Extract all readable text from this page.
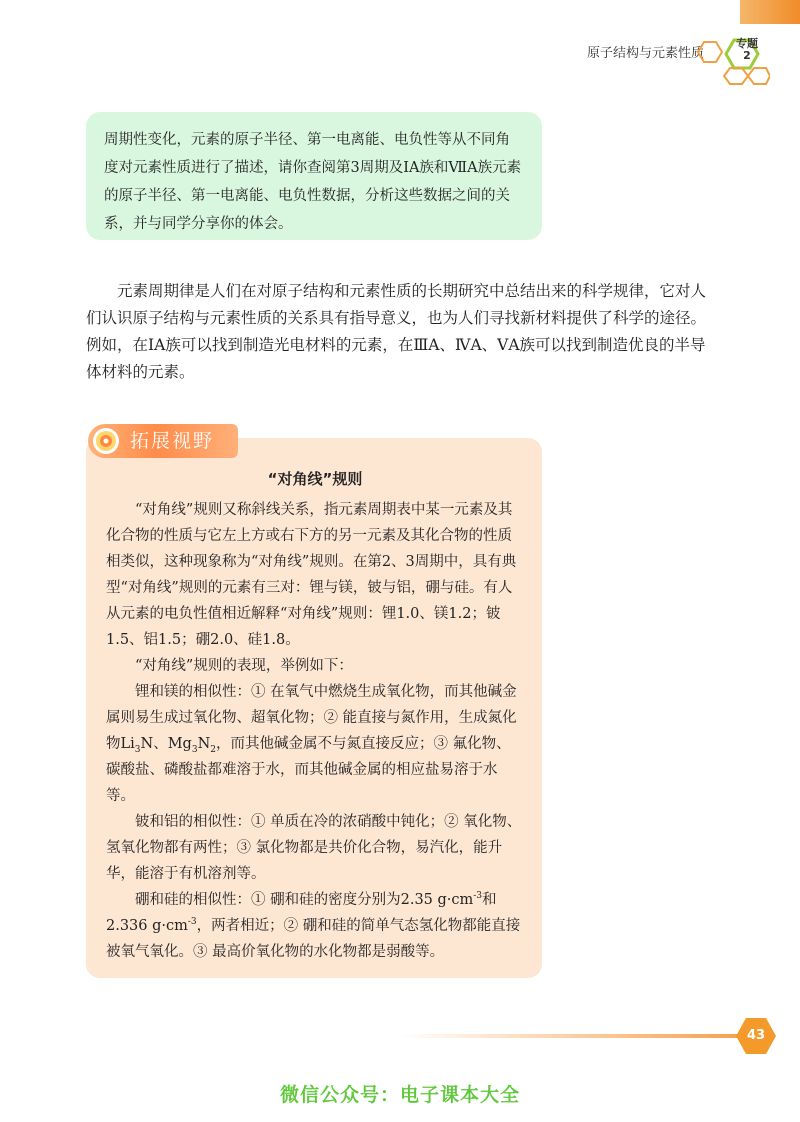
原子结构与元素性质
专题
2
周期性变化，元素的原子半径、第一电离能、电负性等从不同角度对元素性质进行了描述，请你查阅第3周期及ⅠA族和ⅦA族元素的原子半径、第一电离能、电负性数据，分析这些数据之间的关系，并与同学分享你的体会。

元素周期律是人们在对原子结构和元素性质的长期研究中总结出来的科学规律，它对人们认识原子结构与元素性质的关系具有指导意义，也为人们寻找新材料提供了科学的途径。例如，在ⅠA族可以找到制造光电材料的元素，在ⅢA、ⅣA、ⅤA族可以找到制造优良的半导体材料的元素。

“对角线”规则

“对角线”规则又称斜线关系，指元素周期表中某一元素及其化合物的性质与它左上方或右下方的另一元素及其化合物的性质相类似，这种现象称为“对角线”规则。在第2、3周期中，具有典型“对角线”规则的元素有三对：锂与镁，铍与铝，硼与硅。有人从元素的电负性值相近解释“对角线”规则：锂1.0、镁1.2；铍1.5、铝1.5；硼2.0、硅1.8。

“对角线”规则的表现，举例如下：

锂和镁的相似性：① 在氧气中燃烧生成氧化物，而其他碱金属则易生成过氧化物、超氧化物；② 能直接与氮作用，生成氮化物$Li_3N$、$Mg_3N_2$，而其他碱金属不与氮直接反应；③ 氟化物、碳酸盐、磷酸盐都难溶于水，而其他碱金属的相应盐易溶于水等。

铍和铝的相似性：① 单质在冷的浓硝酸中钝化；② 氧化物、氢氧化物都有两性；③ 氯化物都是共价化合物，易汽化，能升华，能溶于有机溶剂等。

硼和硅的相似性：① 硼和硅的密度分别为2.35 $g\cdot cm^{-3}$和2.336 $g\cdot cm^{-3}$，两者相近；② 硼和硅的简单气态氢化物都能直接被氧气氧化。③ 最高价氧化物的水化物都是弱酸等。

拓展视野
43
微信公众号：电子课本大全
